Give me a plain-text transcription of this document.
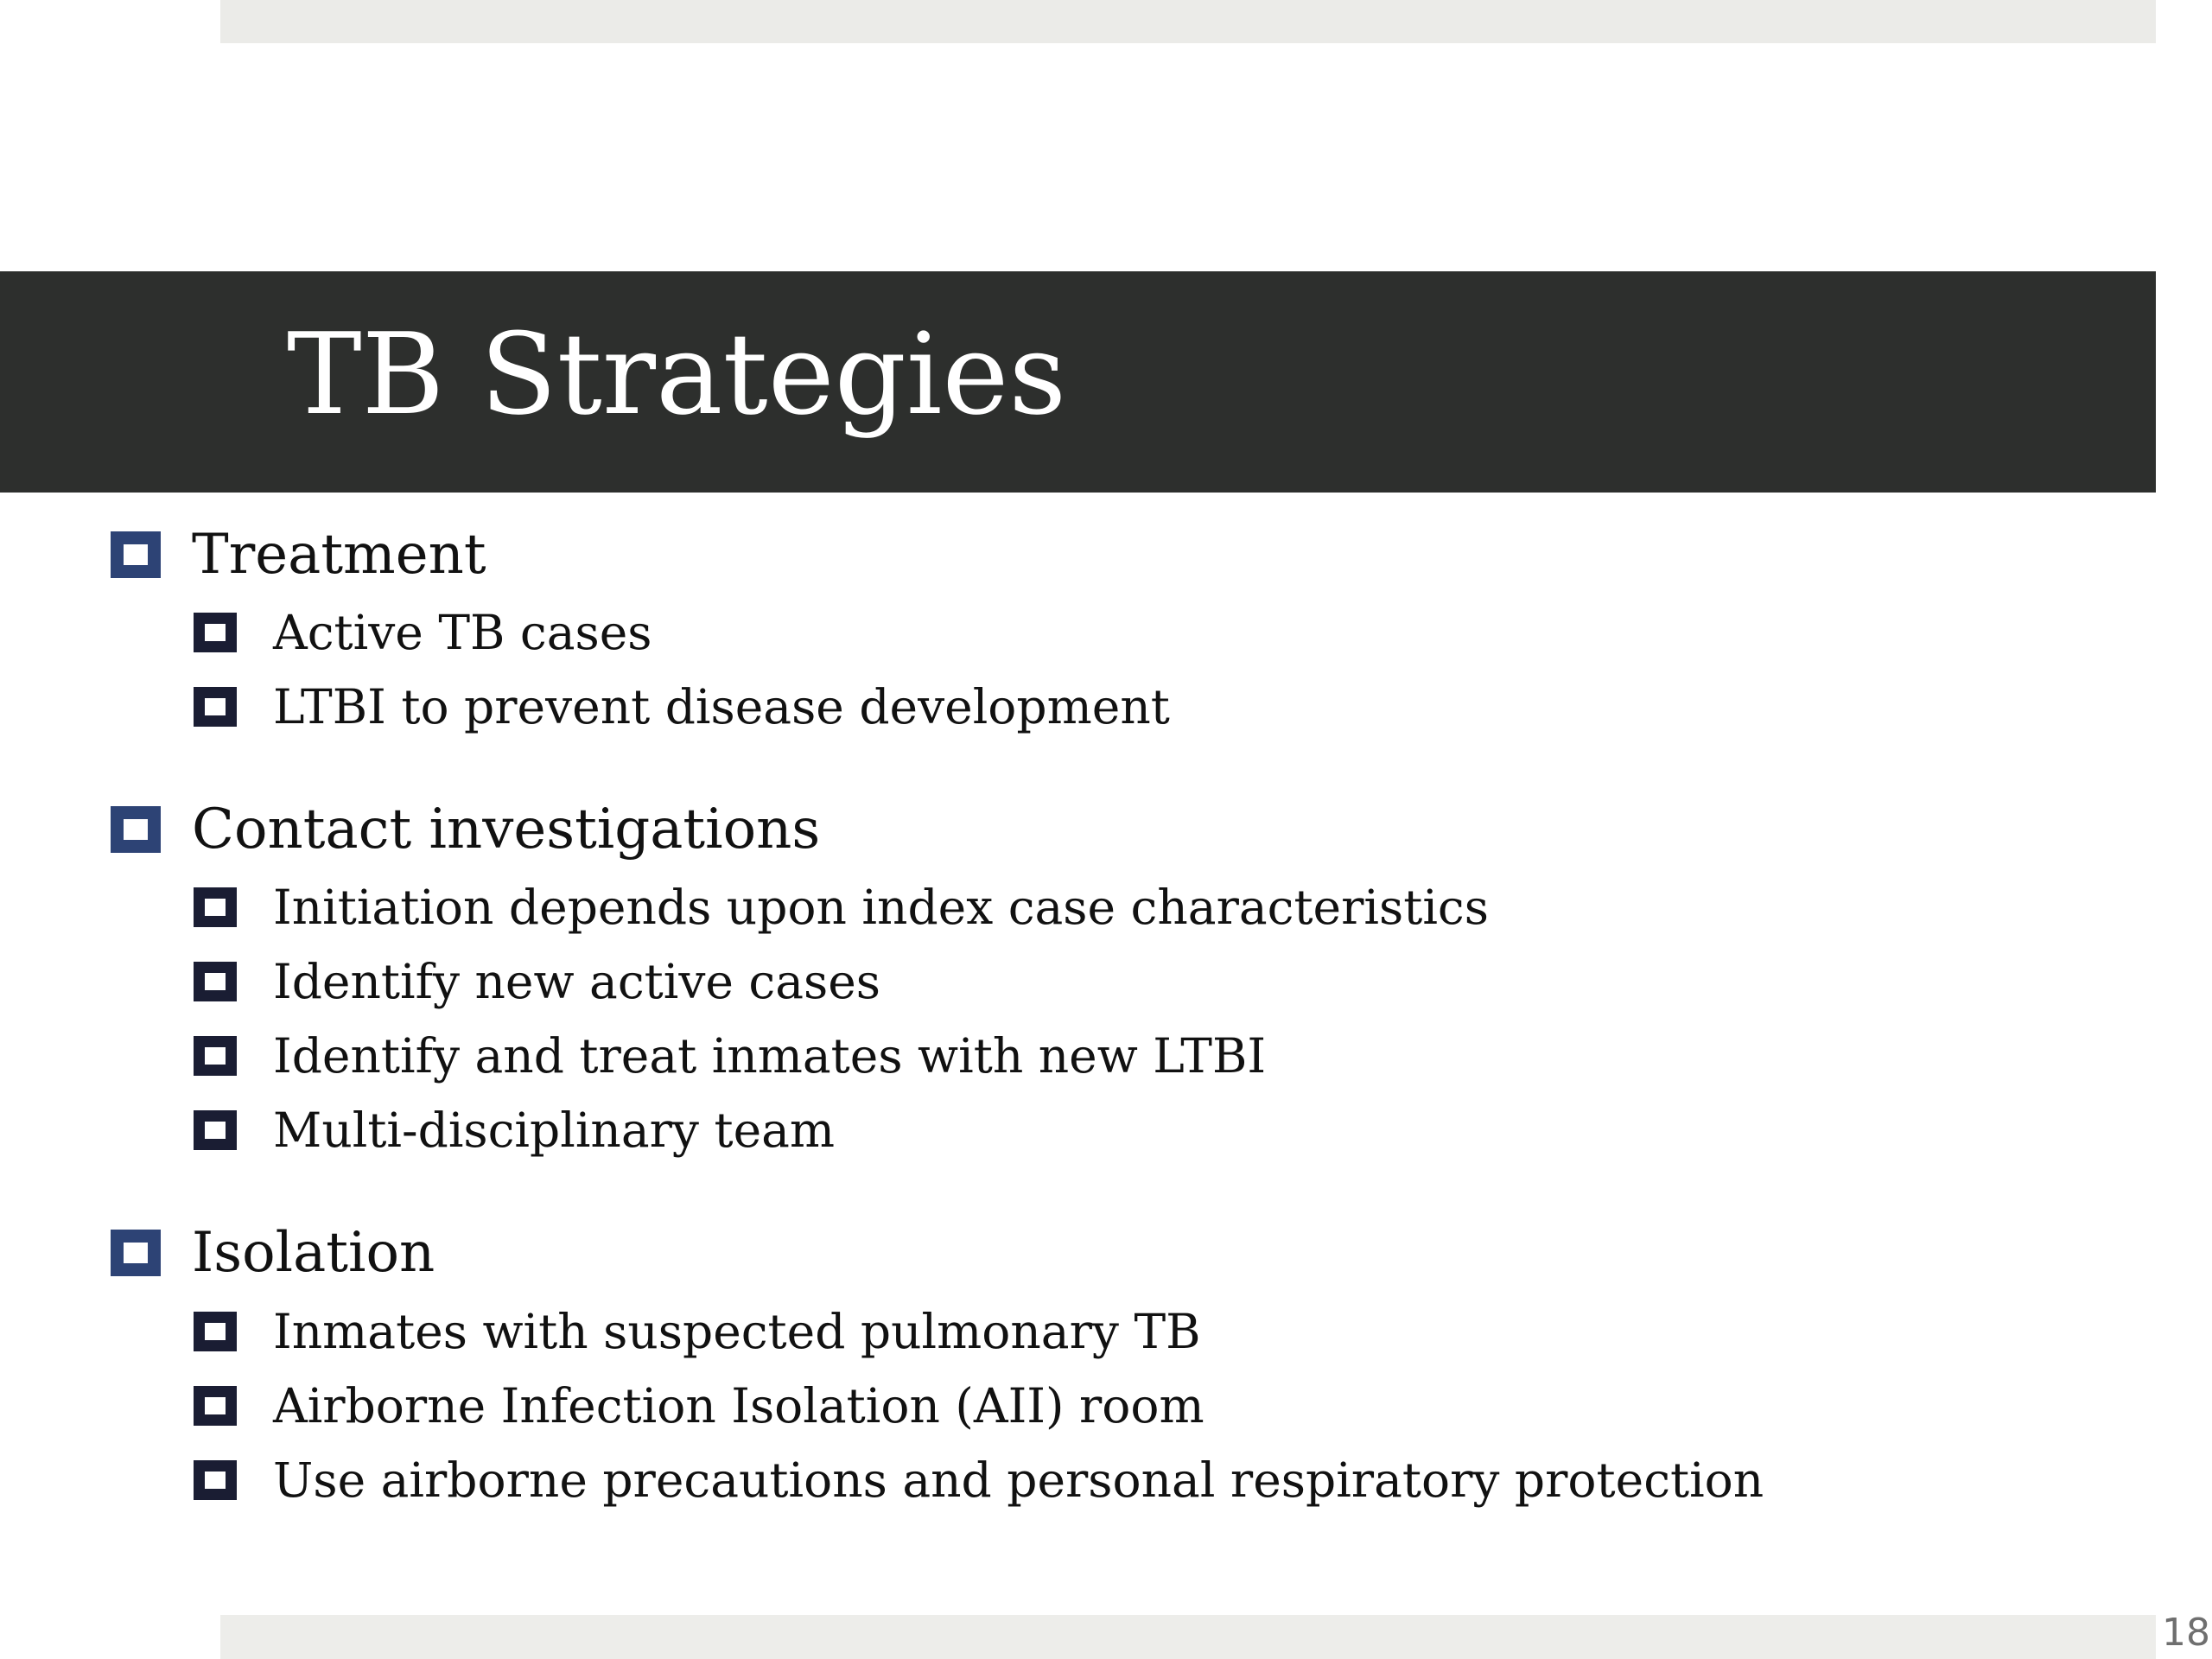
TB Strategies
Treatment
Active TB cases
LTBI to prevent disease development
Contact investigations
Initiation depends upon index case characteristics
Identify new active cases
Identify and treat inmates with new LTBI
Multi-disciplinary team
Isolation
Inmates with suspected pulmonary TB
Airborne Infection Isolation (AII) room
Use airborne precautions and personal respiratory protection
18
